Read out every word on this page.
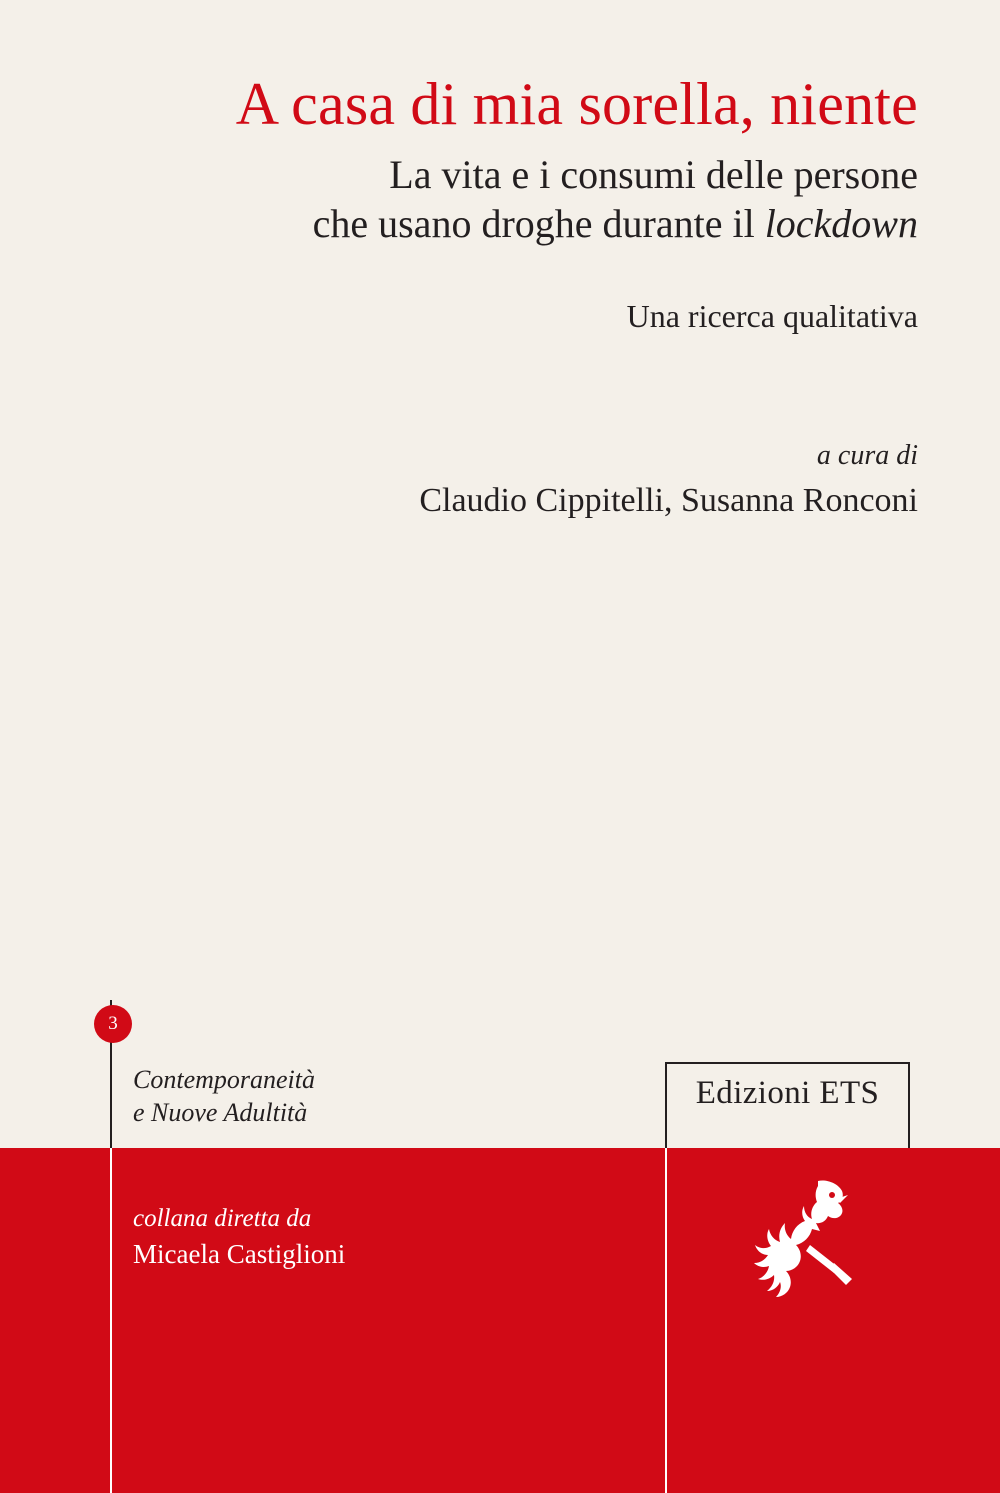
A casa di mia sorella, niente

La vita e i consumi delle persone
che usano droghe durante il lockdown

Una ricerca qualitativa

a cura di

Claudio Cippitelli, Susanna Ronconi

3
Contemporaneità
e Nuove Adultità
Edizioni ETS

collana diretta da

Micaela Castiglioni
